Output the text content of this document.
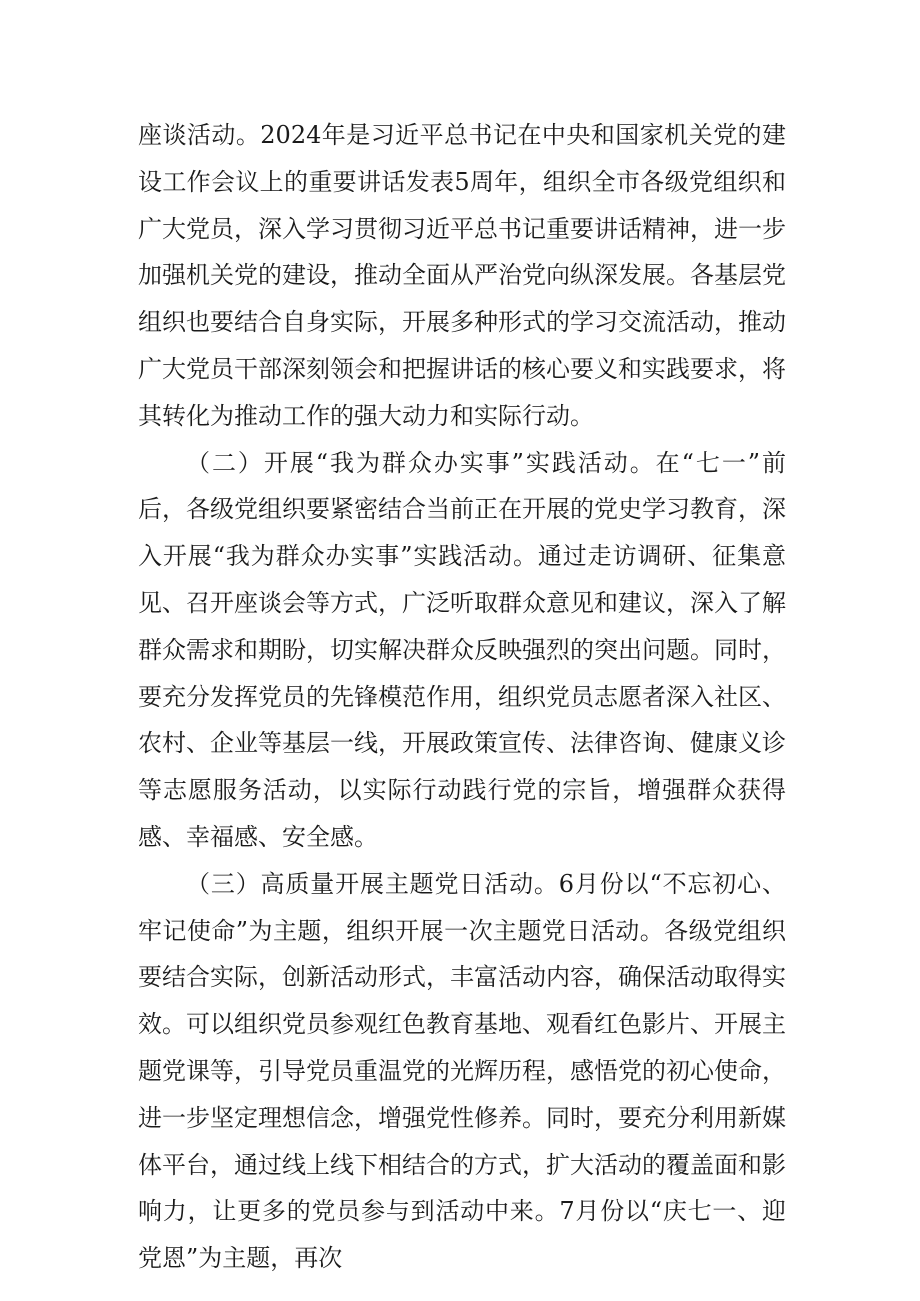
座谈活动。2024年是习近平总书记在中央和国家机关党的建设工作会议上的重要讲话发表5周年，组织全市各级党组织和广大党员，深入学习贯彻习近平总书记重要讲话精神，进一步加强机关党的建设，推动全面从严治党向纵深发展。各基层党组织也要结合自身实际，开展多种形式的学习交流活动，推动广大党员干部深刻领会和把握讲话的核心要义和实践要求，将其转化为推动工作的强大动力和实际行动。

（二）开展“我为群众办实事”实践活动。在“七一”前后，各级党组织要紧密结合当前正在开展的党史学习教育，深入开展“我为群众办实事”实践活动。通过走访调研、征集意见、召开座谈会等方式，广泛听取群众意见和建议，深入了解群众需求和期盼，切实解决群众反映强烈的突出问题。同时，要充分发挥党员的先锋模范作用，组织党员志愿者深入社区、农村、企业等基层一线，开展政策宣传、法律咨询、健康义诊等志愿服务活动，以实际行动践行党的宗旨，增强群众获得感、幸福感、安全感。

（三）高质量开展主题党日活动。6月份以“不忘初心、牢记使命”为主题，组织开展一次主题党日活动。各级党组织要结合实际，创新活动形式，丰富活动内容，确保活动取得实效。可以组织党员参观红色教育基地、观看红色影片、开展主题党课等，引导党员重温党的光辉历程，感悟党的初心使命，进一步坚定理想信念，增强党性修养。同时，要充分利用新媒体平台，通过线上线下相结合的方式，扩大活动的覆盖面和影响力，让更多的党员参与到活动中来。7月份以“庆七一、迎党恩”为主题，再次
